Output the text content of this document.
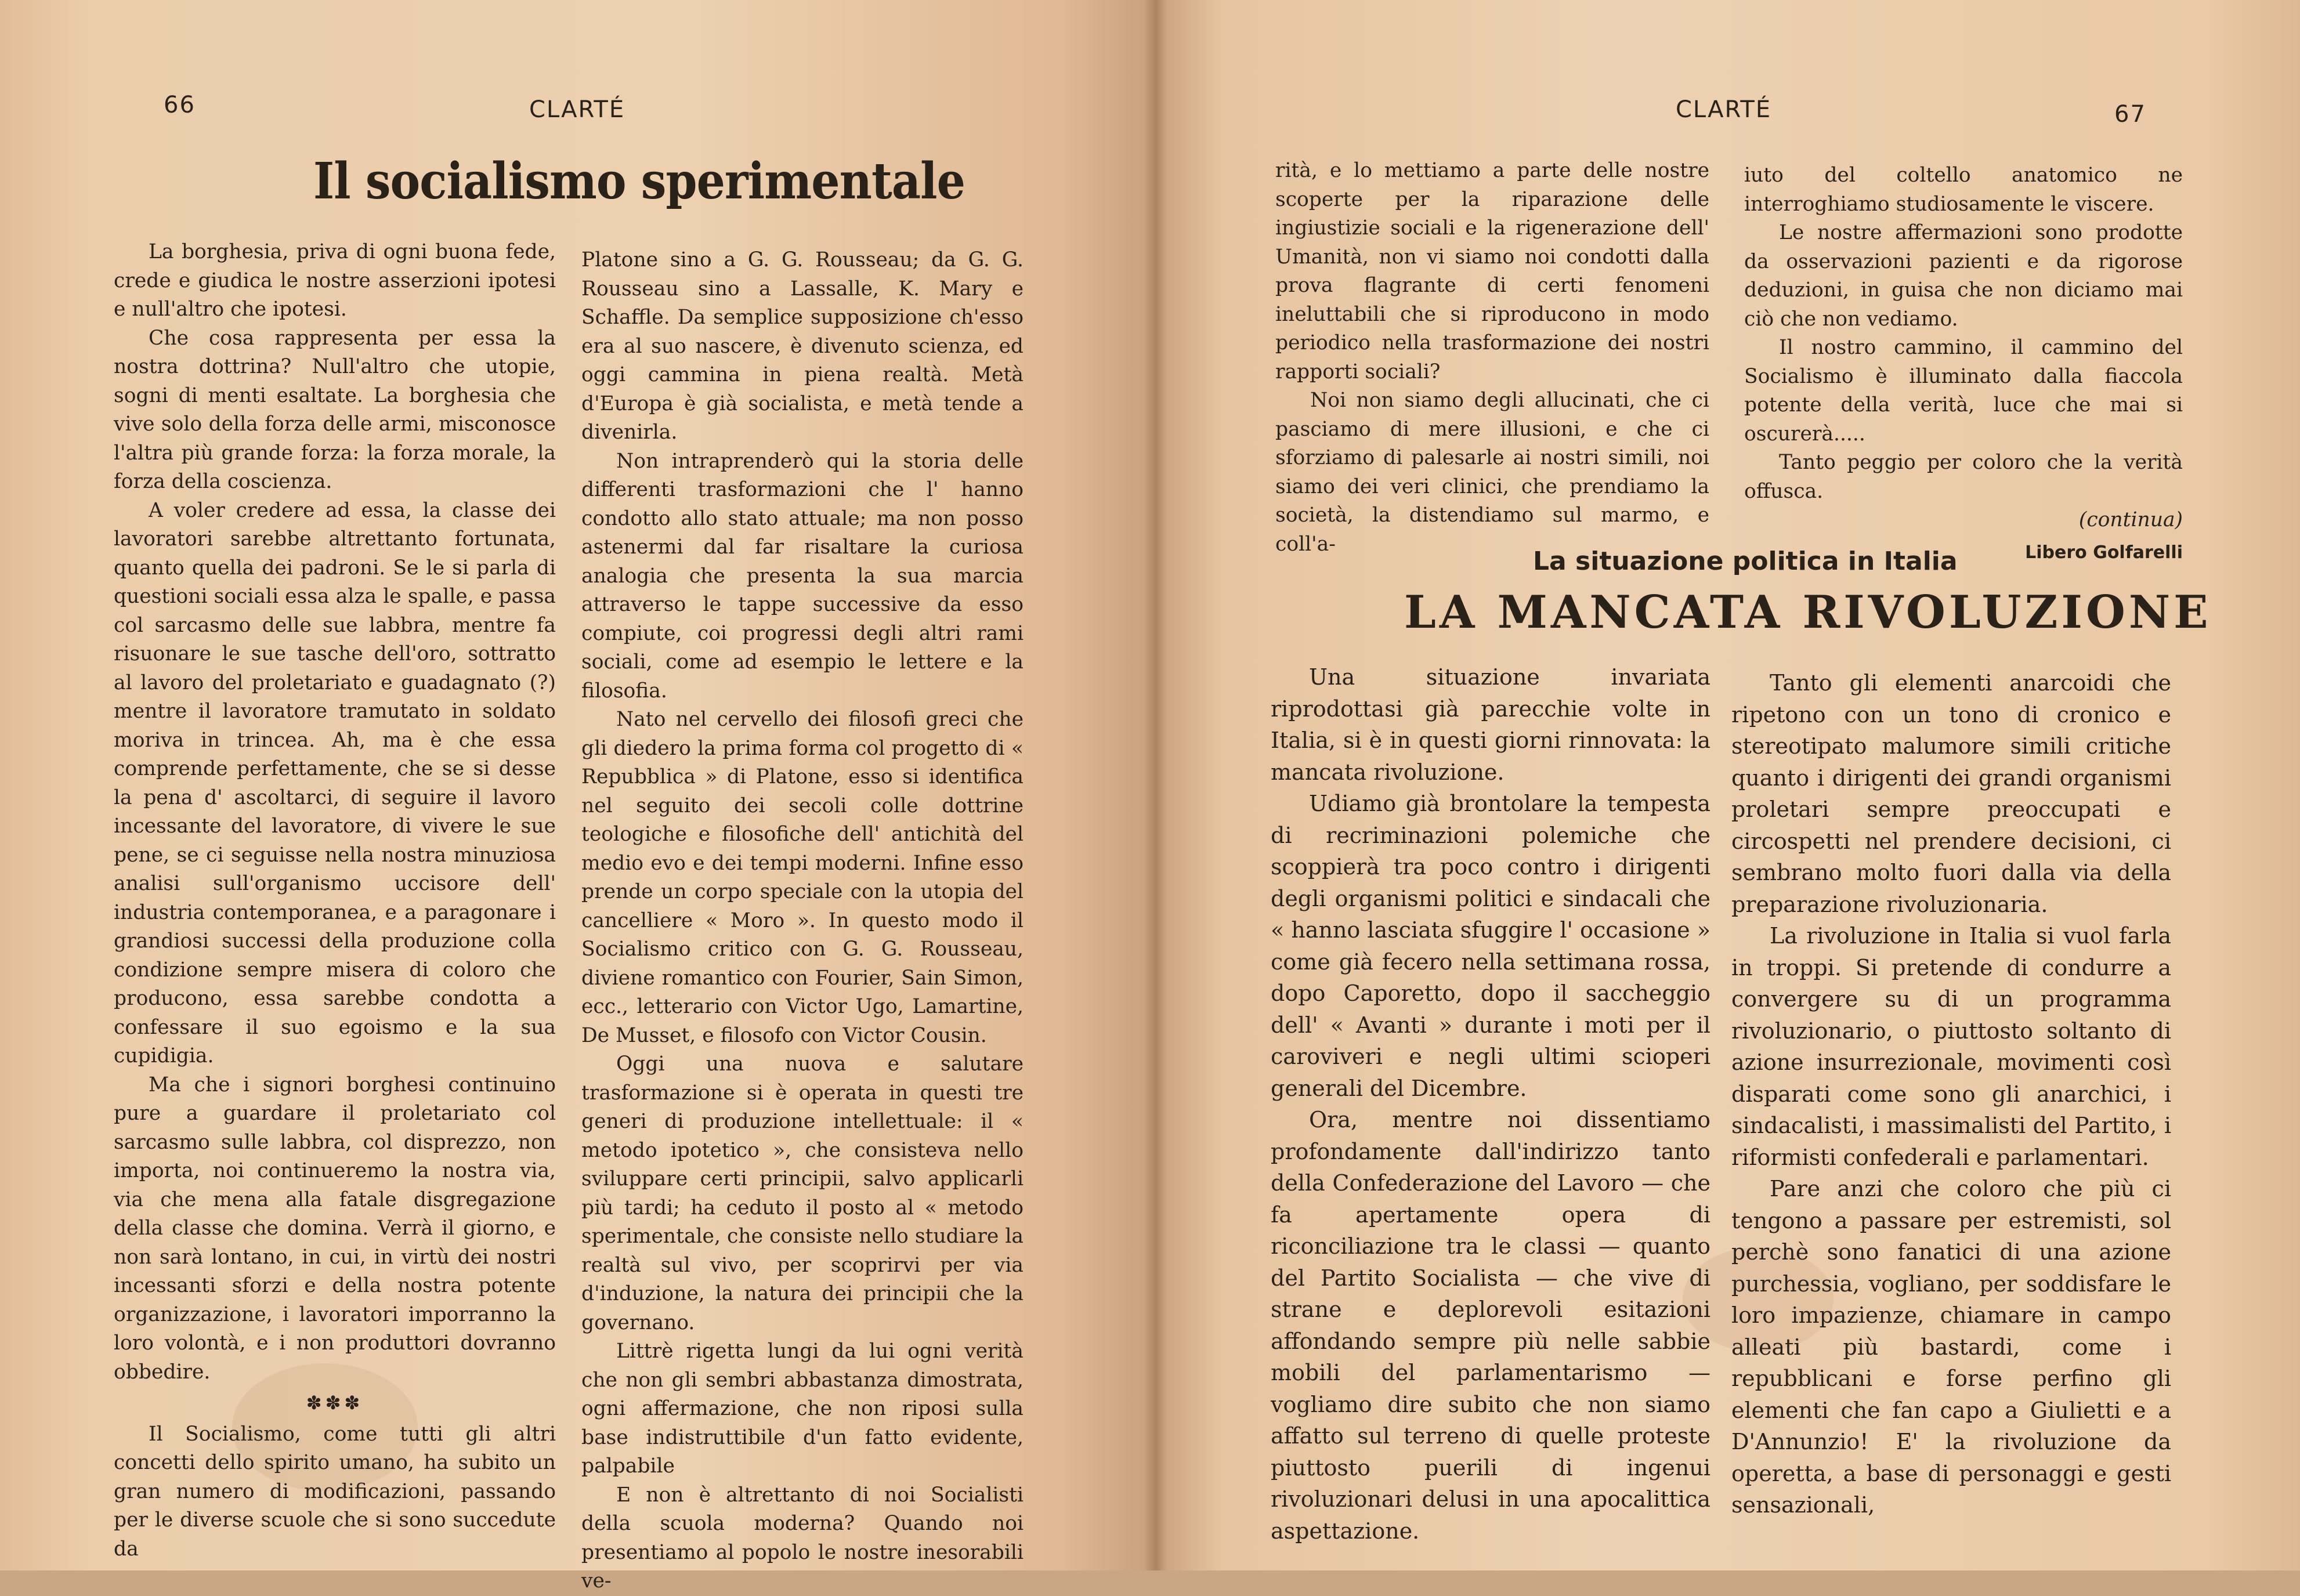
66	CLARTÉ
Il socialismo sperimentale

La borghesia, priva di ogni buona fede, crede e giudica le nostre asserzioni ipotesi e null'altro che ipotesi.

Che cosa rappresenta per essa la nostra dottrina? Null'altro che utopie, sogni di menti esaltate. La borghesia che vive solo della forza delle armi, misconosce l'altra più grande forza: la forza morale, la forza della coscienza.

A voler credere ad essa, la classe dei lavoratori sarebbe altrettanto fortunata, quanto quella dei padroni. Se le si parla di questioni sociali essa alza le spalle, e passa col sarcasmo delle sue labbra, mentre fa risuonare le sue tasche dell'oro, sottratto al lavoro del proletariato e guadagnato (?) mentre il lavoratore tramutato in soldato moriva in trincea. Ah, ma è che essa comprende perfettamente, che se si desse la pena d' ascoltarci, di seguire il lavoro incessante del lavoratore, di vivere le sue pene, se ci seguisse nella nostra minuziosa analisi sull'organismo uccisore dell' industria contemporanea, e a paragonare i grandiosi successi della produzione colla condizione sempre misera di coloro che producono, essa sarebbe condotta a confessare il suo egoismo e la sua cupidigia.

Ma che i signori borghesi continuino pure a guardare il proletariato col sarcasmo sulle labbra, col disprezzo, non importa, noi continueremo la nostra via, via che mena alla fatale disgregazione della classe che domina. Verrà il giorno, e non sarà lontano, in cui, in virtù dei nostri incessanti sforzi e della nostra potente organizzazione, i lavoratori imporranno la loro volontà, e i non produttori dovranno obbedire.

✽✽✽

Il Socialismo, come tutti gli altri concetti dello spirito umano, ha subito un gran numero di modificazioni, passando per le diverse scuole che si sono succedute da

Platone sino a G. G. Rousseau; da G. G. Rousseau sino a Lassalle, K. Mary e Schaffle. Da semplice supposizione ch'esso era al suo nascere, è divenuto scienza, ed oggi cammina in piena realtà. Metà d'Europa è già socialista, e metà tende a divenirla.

Non intraprenderò qui la storia delle differenti trasformazioni che l' hanno condotto allo stato attuale; ma non posso astenermi dal far risaltare la curiosa analogia che presenta la sua marcia attraverso le tappe successive da esso compiute, coi progressi degli altri rami sociali, come ad esempio le lettere e la filosofia.

Nato nel cervello dei filosofi greci che gli diedero la prima forma col progetto di « Repubblica » di Platone, esso si identifica nel seguito dei secoli colle dottrine teologiche e filosofiche dell' antichità del medio evo e dei tempi moderni. Infine esso prende un corpo speciale con la utopia del cancelliere « Moro ». In questo modo il Socialismo critico con G. G. Rousseau, diviene romantico con Fourier, Sain Simon, ecc., letterario con Victor Ugo, Lamartine, De Musset, e filosofo con Victor Cousin.

Oggi una nuova e salutare trasformazione si è operata in questi tre generi di produzione intellettuale: il « metodo ipotetico », che consisteva nello sviluppare certi principii, salvo applicarli più tardi; ha ceduto il posto al « metodo sperimentale, che consiste nello studiare la realtà sul vivo, per scoprirvi per via d'induzione, la natura dei principii che la governano.

Littrè rigetta lungi da lui ogni verità che non gli sembri abbastanza dimostrata, ogni affermazione, che non riposi sulla base indistruttibile d'un fatto evidente, palpabile

E non è altrettanto di noi Socialisti della scuola moderna? Quando noi presentiamo al popolo le nostre inesorabili ve-

CLARTÉ	67

rità, e lo mettiamo a parte delle nostre scoperte per la riparazione delle ingiustizie sociali e la rigenerazione dell' Umanità, non vi siamo noi condotti dalla prova flagrante di certi fenomeni ineluttabili che si riproducono in modo periodico nella trasformazione dei nostri rapporti sociali?

Noi non siamo degli allucinati, che ci pasciamo di mere illusioni, e che ci sforziamo di palesarle ai nostri simili, noi siamo dei veri clinici, che prendiamo la società, la distendiamo sul marmo, e coll'a-

iuto del coltello anatomico ne interroghiamo studiosamente le viscere.

Le nostre affermazioni sono prodotte da osservazioni pazienti e da rigorose deduzioni, in guisa che non diciamo mai ciò che non vediamo.

Il nostro cammino, il cammino del Socialismo è illuminato dalla fiaccola potente della verità, luce che mai si oscurerà.....

Tanto peggio per coloro che la verità offusca.

(continua)
Libero Golfarelli
La situazione politica in Italia
LA MANCATA RIVOLUZIONE

Una situazione invariata riprodottasi già parecchie volte in Italia, si è in questi giorni rinnovata: la mancata rivoluzione.

Udiamo già brontolare la tempesta di recriminazioni polemiche che scoppierà tra poco contro i dirigenti degli organismi politici e sindacali che « hanno lasciata sfuggire l' occasione » come già fecero nella settimana rossa, dopo Caporetto, dopo il saccheggio dell' « Avanti » durante i moti per il caroviveri e negli ultimi scioperi generali del Dicembre.

Ora, mentre noi dissentiamo profondamente dall'indirizzo tanto della Confederazione del Lavoro — che fa apertamente opera di riconciliazione tra le classi — quanto del Partito Socialista — che vive di strane e deplorevoli esitazioni affondando sempre più nelle sabbie mobili del parlamentarismo — vogliamo dire subito che non siamo affatto sul terreno di quelle proteste piuttosto puerili di ingenui rivoluzionari delusi in una apocalittica aspettazione.

Tanto gli elementi anarcoidi che ripetono con un tono di cronico e stereotipato malumore simili critiche quanto i dirigenti dei grandi organismi proletari sempre preoccupati e circospetti nel prendere decisioni, ci sembrano molto fuori dalla via della preparazione rivoluzionaria.

La rivoluzione in Italia si vuol farla in troppi. Si pretende di condurre a convergere su di un programma rivoluzionario, o piuttosto soltanto di azione insurrezionale, movimenti così disparati come sono gli anarchici, i sindacalisti, i massimalisti del Partito, i riformisti confederali e parlamentari.

Pare anzi che coloro che più ci tengono a passare per estremisti, sol perchè sono fanatici di una azione purchessia, vogliano, per soddisfare le loro impazienze, chiamare in campo alleati più bastardi, come i repubblicani e forse perfino gli elementi che fan capo a Giulietti e a D'Annunzio! E' la rivoluzione da operetta, a base di personaggi e gesti sensazionali,
